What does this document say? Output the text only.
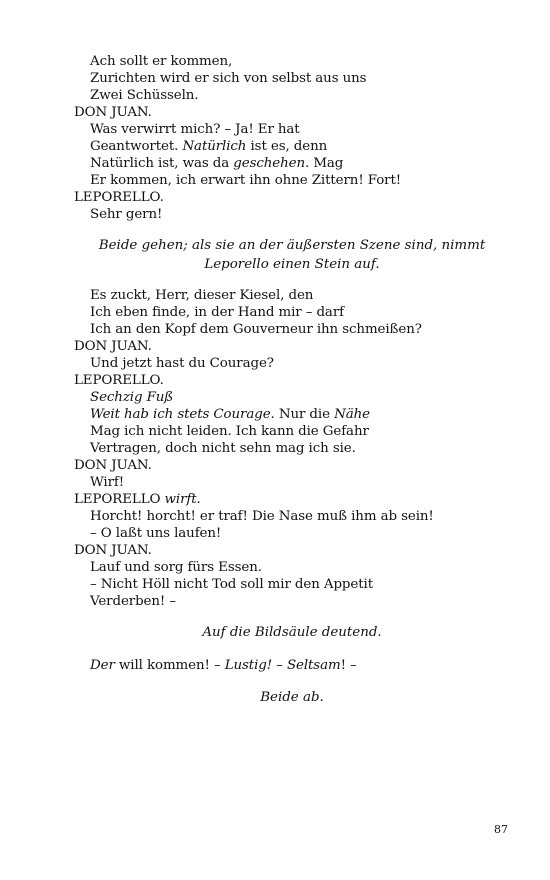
Ach sollt er kommen,
Zurichten wird er sich von selbst aus uns
Zwei Schüsseln.
DON JUAN.
Was verwirrt mich? – Ja! Er hat
Geantwortet. Natürlich ist es, denn
Natürlich ist, was da geschehen. Mag
Er kommen, ich erwart ihn ohne Zittern! Fort!
LEPORELLO.
Sehr gern!
Beide gehen; als sie an der äußersten Szene sind, nimmt Leporello einen Stein auf.
Es zuckt, Herr, dieser Kiesel, den
Ich eben finde, in der Hand mir – darf
Ich an den Kopf dem Gouverneur ihn schmeißen?
DON JUAN.
Und jetzt hast du Courage?
LEPORELLO.
Sechzig Fuß
Weit hab ich stets Courage. Nur die Nähe
Mag ich nicht leiden. Ich kann die Gefahr
Vertragen, doch nicht sehn mag ich sie.
DON JUAN.
Wirf!
LEPORELLO wirft.
Horcht! horcht! er traf! Die Nase muß ihm ab sein!
– O laßt uns laufen!
DON JUAN.
Lauf und sorg fürs Essen.
– Nicht Höll nicht Tod soll mir den Appetit
Verderben! –
Auf die Bildsäule deutend.
Der will kommen! – Lustig! – Seltsam! –
Beide ab.
87
